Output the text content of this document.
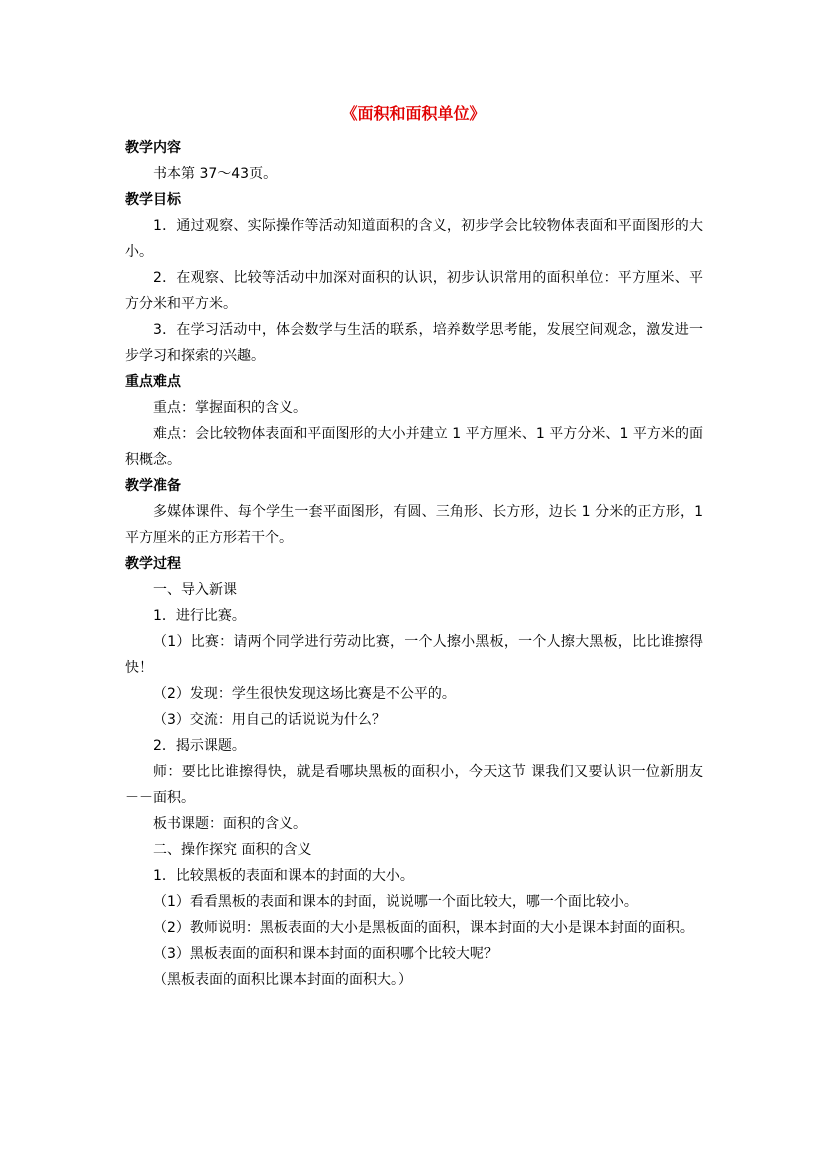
《面积和面积单位》

教学内容

书本第 37～43页。

教学目标

1．通过观察、实际操作等活动知道面积的含义，初步学会比较物体表面和平面图形的大小。

2．在观察、比较等活动中加深对面积的认识，初步认识常用的面积单位：平方厘米、平方分米和平方米。

3．在学习活动中，体会数学与生活的联系，培养数学思考能，发展空间观念，激发进一步学习和探索的兴趣。

重点难点

重点：掌握面积的含义。

难点：会比较物体表面和平面图形的大小并建立 1 平方厘米、1 平方分米、1 平方米的面积概念。

教学准备

多媒体课件、每个学生一套平面图形，有圆、三角形、长方形，边长 1 分米的正方形，1 平方厘米的正方形若干个。

教学过程

一、导入新课

1．进行比赛。

（1）比赛：请两个同学进行劳动比赛，一个人擦小黑板，一个人擦大黑板，比比谁擦得快！

（2）发现：学生很快发现这场比赛是不公平的。

（3）交流：用自己的话说说为什么？

2．揭示课题。

师：要比比谁擦得快，就是看哪块黑板的面积小，今天这节 课我们又要认识一位新朋友－－面积。

板书课题：面积的含义。

二、操作探究 面积的含义

1．比较黑板的表面和课本的封面的大小。

（1）看看黑板的表面和课本的封面，说说哪一个面比较大，哪一个面比较小。

（2）教师说明：黑板表面的大小是黑板面的面积，课本封面的大小是课本封面的面积。

（3）黑板表面的面积和课本封面的面积哪个比较大呢？

（黑板表面的面积比课本封面的面积大。）
